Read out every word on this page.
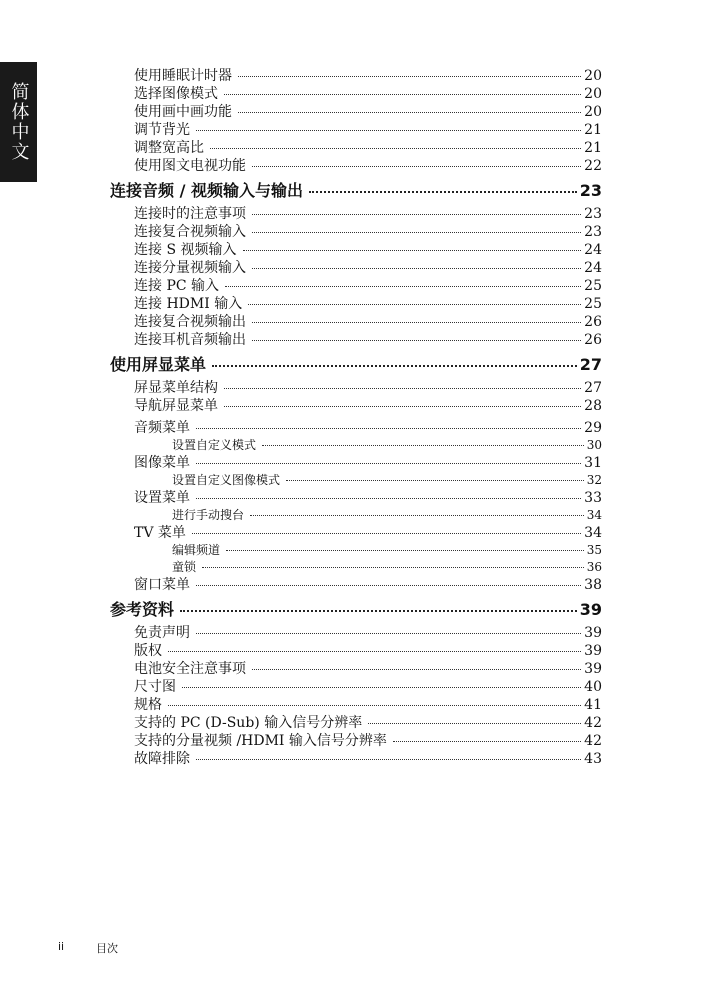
简体中文
使用睡眠计时器	20
选择图像模式	20
使用画中画功能	20
调节背光	21
调整宽高比	21
使用图文电视功能	22
连接音频 / 视频输入与输出	23
连接时的注意事项	23
连接复合视频输入	23
连接 S 视频输入	24
连接分量视频输入	24
连接 PC 输入	25
连接 HDMI 输入	25
连接复合视频输出	26
连接耳机音频输出	26
使用屏显菜单	27
屏显菜单结构	27
导航屏显菜单	28
音频菜单	29
设置自定义模式	30
图像菜单	31
设置自定义图像模式	32
设置菜单	33
进行手动搜台	34
TV 菜单	34
编辑频道	35
童锁	36
窗口菜单	38
参考资料	39
免责声明	39
版权	39
电池安全注意事项	39
尺寸图	40
规格	41
支持的 PC (D-Sub) 输入信号分辨率	42
支持的分量视频 /HDMI 输入信号分辨率	42
故障排除	43
ii	目次
